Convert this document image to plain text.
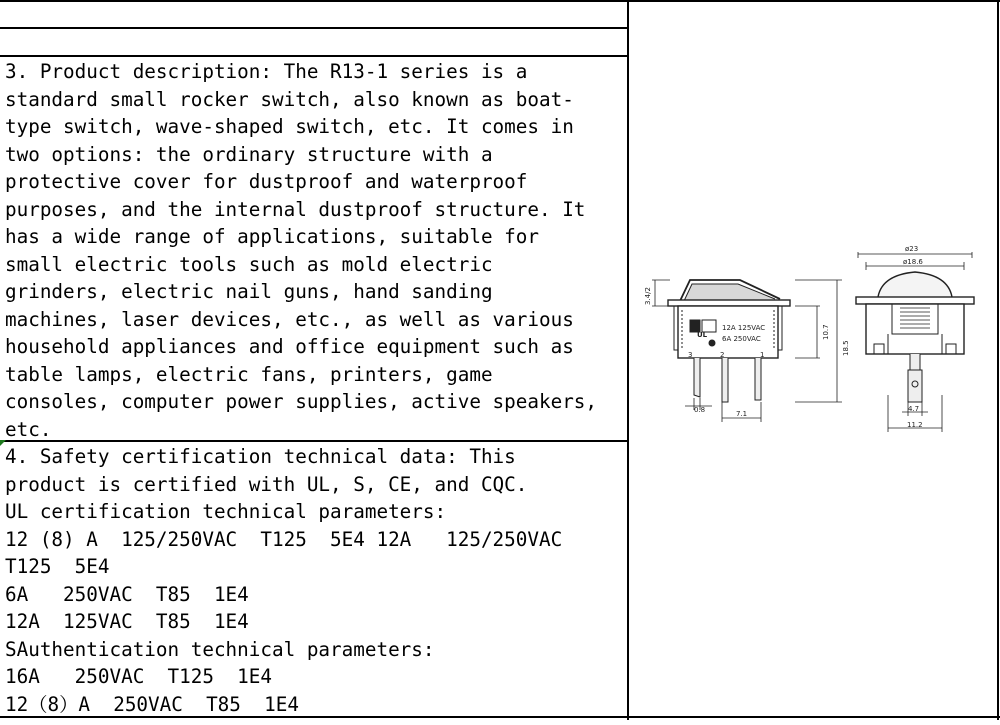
3. Product description: The R13-1 series is a
standard small rocker switch, also known as boat-
type switch, wave-shaped switch, etc. It comes in
two options: the ordinary structure with a
protective cover for dustproof and waterproof
purposes, and the internal dustproof structure. It
has a wide range of applications, suitable for
small electric tools such as mold electric
grinders, electric nail guns, hand sanding
machines, laser devices, etc., as well as various
household appliances and office equipment such as
table lamps, electric fans, printers, game
consoles, computer power supplies, active speakers,
etc.
4. Safety certification technical data: This
product is certified with UL, S, CE, and CQC.
UL certification technical parameters:
12 (8) A  125/250VAC  T125  5E4 12A   125/250VAC
T125  5E4
6A   250VAC  T85  1E4
12A  125VAC  T85  1E4
SAuthentication technical parameters:
16A   250VAC  T125  1E4
12（8）A  250VAC  T85  1E4
UL
12A 125VAC
6A 250VAC
3	2	1
0.8	7.1
ø23
ø18.6
4.7
11.2
3.4/2
10.7
18.5
